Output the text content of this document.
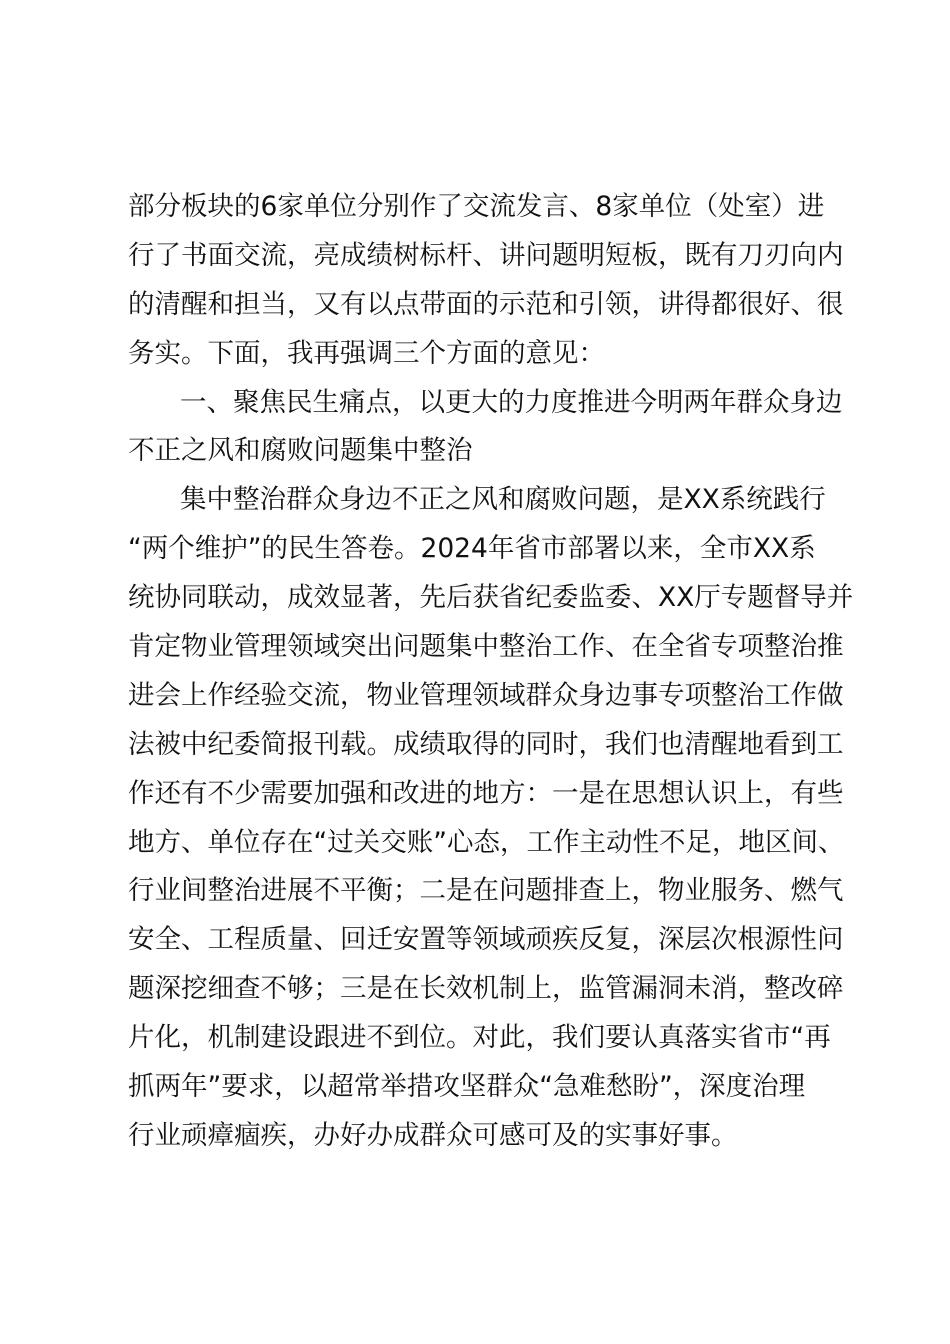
部分板块的6家单位分别作了交流发言、8家单位（处室）进
行了书面交流，亮成绩树标杆、讲问题明短板，既有刀刃向内
的清醒和担当，又有以点带面的示范和引领，讲得都很好、很
务实。下面，我再强调三个方面的意见：
一、聚焦民生痛点，以更大的力度推进今明两年群众身边
不正之风和腐败问题集中整治
集中整治群众身边不正之风和腐败问题，是XX系统践行
“两个维护”的民生答卷。2024年省市部署以来，全市XX系
统协同联动，成效显著，先后获省纪委监委、XX厅专题督导并
肯定物业管理领域突出问题集中整治工作、在全省专项整治推
进会上作经验交流，物业管理领域群众身边事专项整治工作做
法被中纪委简报刊载。成绩取得的同时，我们也清醒地看到工
作还有不少需要加强和改进的地方：一是在思想认识上，有些
地方、单位存在“过关交账”心态，工作主动性不足，地区间、
行业间整治进展不平衡；二是在问题排查上，物业服务、燃气
安全、工程质量、回迁安置等领域顽疾反复，深层次根源性问
题深挖细查不够；三是在长效机制上，监管漏洞未消，整改碎
片化，机制建设跟进不到位。对此，我们要认真落实省市“再
抓两年”要求，以超常举措攻坚群众“急难愁盼”，深度治理
行业顽瘴痼疾，办好办成群众可感可及的实事好事。
